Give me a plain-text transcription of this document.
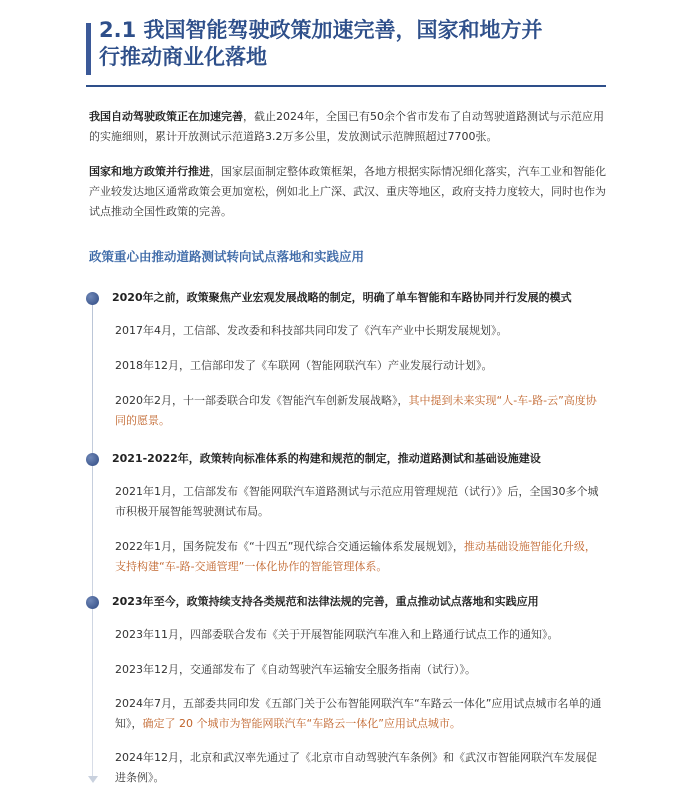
2.1 我国智能驾驶政策加速完善，国家和地方并
行推动商业化落地

我国自动驾驶政策正在加速完善，截止2024年，全国已有50余个省市发布了自动驾驶道路测试与示范应用的实施细则，累计开放测试示范道路3.2万多公里，发放测试示范牌照超过7700张。

国家和地方政策并行推进，国家层面制定整体政策框架，各地方根据实际情况细化落实，汽车工业和智能化产业较发达地区通常政策会更加宽松，例如北上广深、武汉、重庆等地区，政府支持力度较大，同时也作为试点推动全国性政策的完善。

政策重心由推动道路测试转向试点落地和实践应用

2020年之前，政策聚焦产业宏观发展战略的制定，明确了单车智能和车路协同并行发展的模式

2017年4月，工信部、发改委和科技部共同印发了《汽车产业中长期发展规划》。

2018年12月，工信部印发了《车联网（智能网联汽车）产业发展行动计划》。

2020年2月，十一部委联合印发《智能汽车创新发展战略》，其中提到未来实现“人-车-路-云”高度协同的愿景。

2021-2022年，政策转向标准体系的构建和规范的制定，推动道路测试和基础设施建设

2021年1月，工信部发布《智能网联汽车道路测试与示范应用管理规范（试行）》后，全国30多个城市积极开展智能驾驶测试布局。

2022年1月，国务院发布《“十四五”现代综合交通运输体系发展规划》，推动基础设施智能化升级，支持构建“车-路-交通管理”一体化协作的智能管理体系。

2023年至今，政策持续支持各类规范和法律法规的完善，重点推动试点落地和实践应用

2023年11月，四部委联合发布《关于开展智能网联汽车准入和上路通行试点工作的通知》。

2023年12月，交通部发布了《自动驾驶汽车运输安全服务指南（试行）》。

2024年7月，五部委共同印发《五部门关于公布智能网联汽车“车路云一体化”应用试点城市名单的通知》，确定了 20 个城市为智能网联汽车“车路云一体化”应用试点城市。

2024年12月，北京和武汉率先通过了《北京市自动驾驶汽车条例》和《武汉市智能网联汽车发展促进条例》。
